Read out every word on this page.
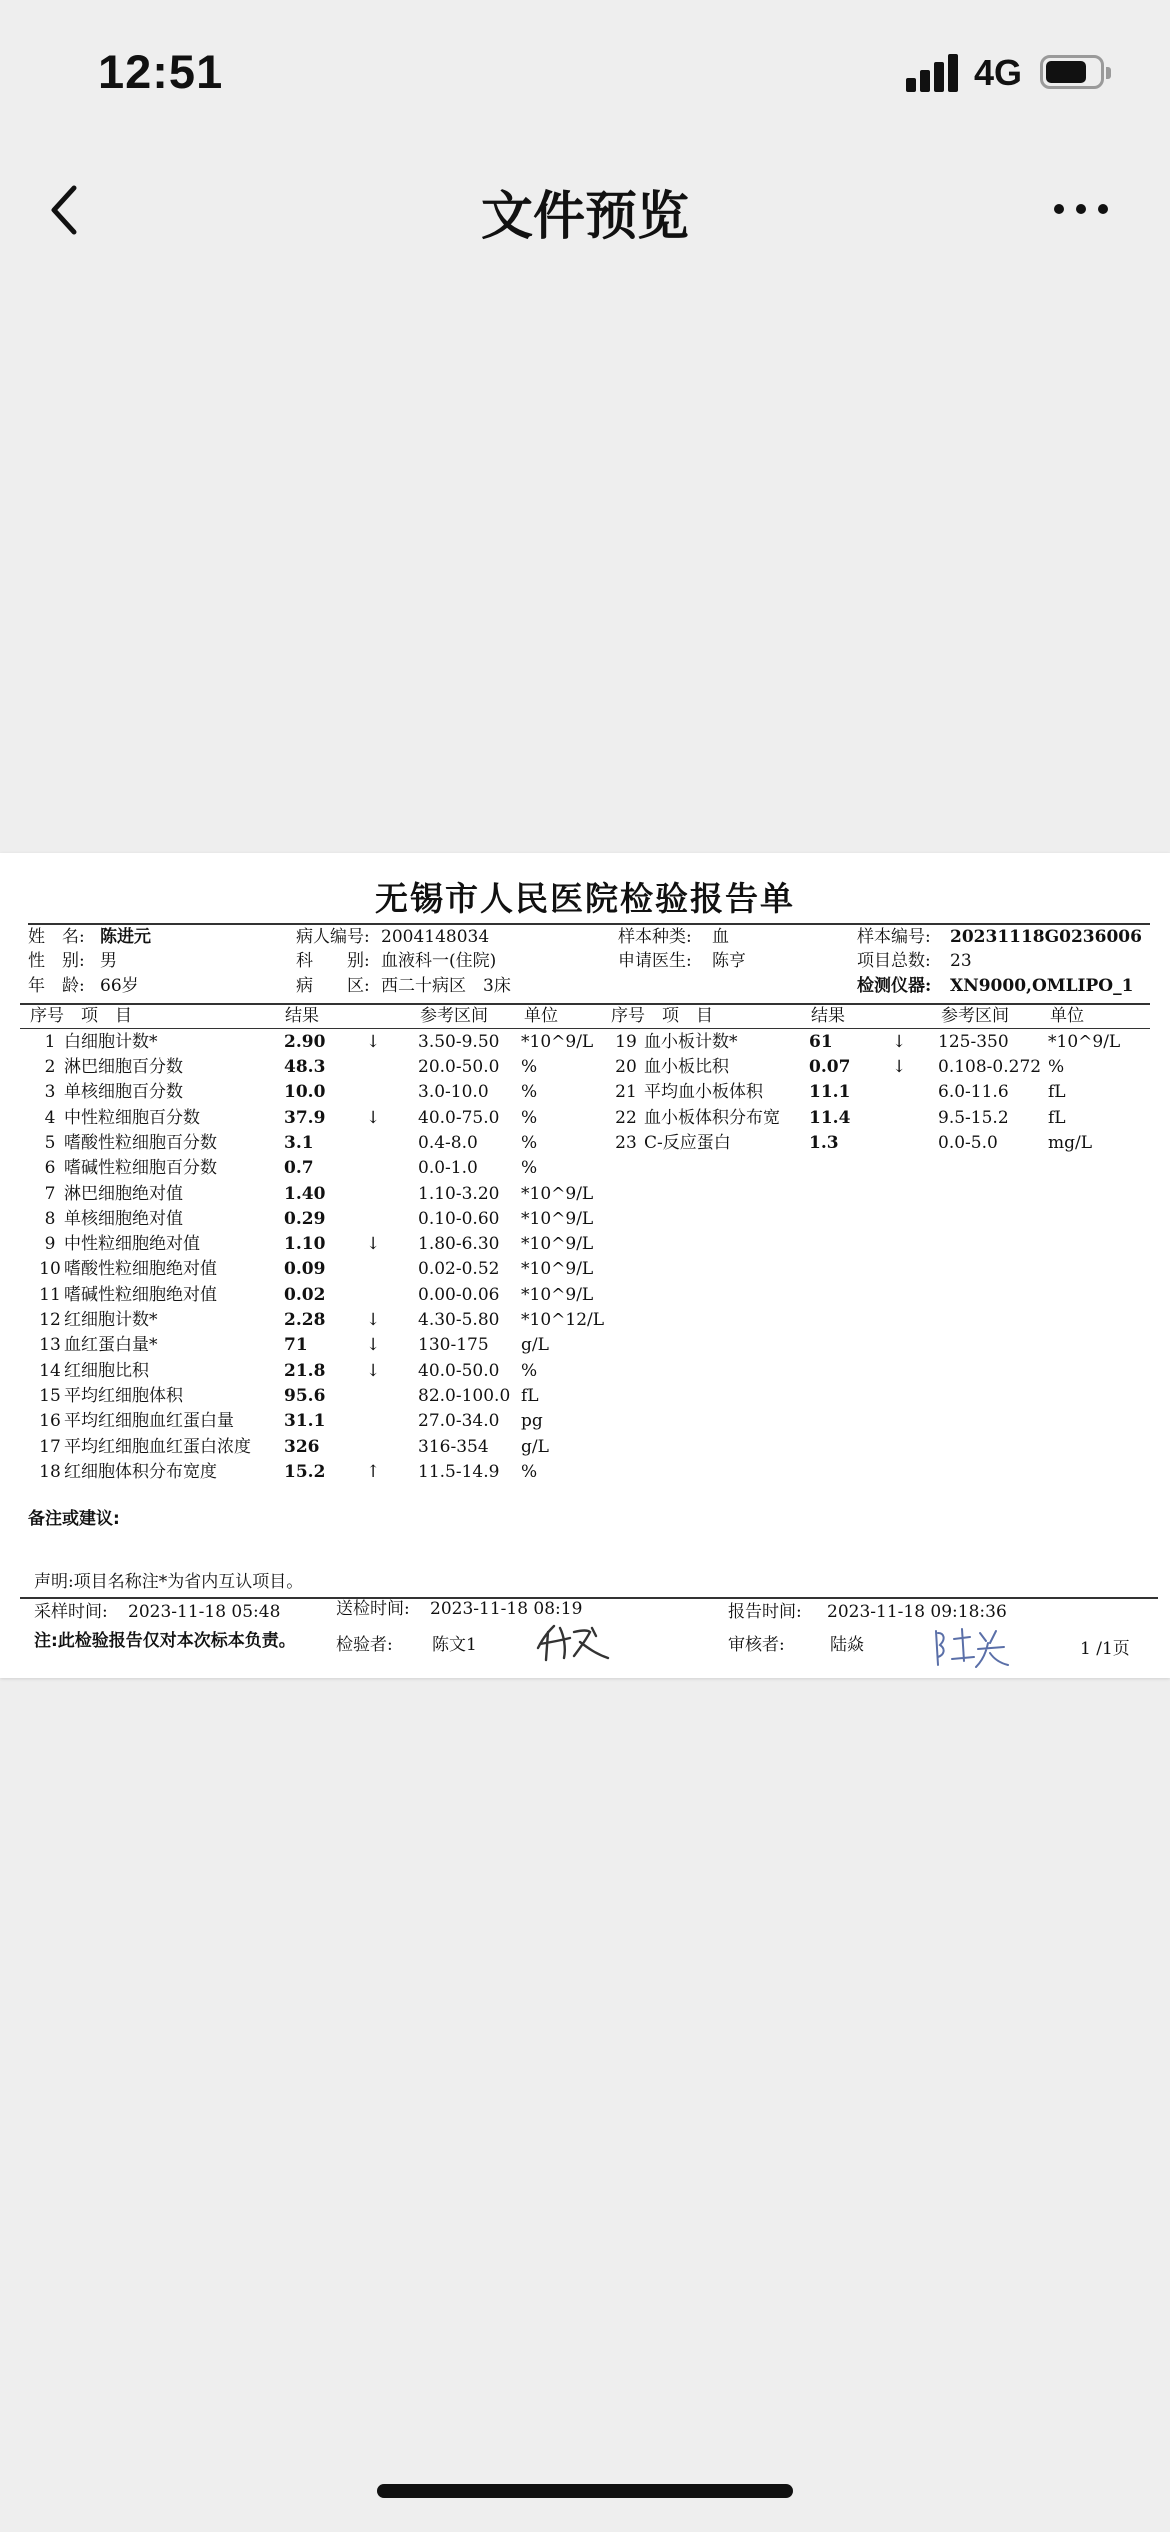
12:51	4G
文件预览
无锡市人民医院检验报告单
姓　名: 陈进元
性　别: 男
年　龄: 66岁
病人编号: 2004148034
科　　别: 血液科一(住院)
病　　区: 西二十病区　3床
样本种类: 血
申请医生: 陈亨
样本编号: 20231118G0236006
项目总数: 23
检测仪器: XN9000,OMLIPO_1
序号　项　目	结果	参考区间 单位	序号　项　目	结果	参考区间 单位
1 白细胞计数*	2.90 ↓ 3.50-9.50 *10^9/L
2 淋巴细胞百分数	48.3	20.0-50.0 %
3 单核细胞百分数	10.0	3.0-10.0 %
4 中性粒细胞百分数	37.9 ↓ 40.0-75.0 %
5 嗜酸性粒细胞百分数	3.1	0.4-8.0	%
6 嗜碱性粒细胞百分数	0.7	0.0-1.0	%
7 淋巴细胞绝对值	1.40	1.10-3.20 *10^9/L
8 单核细胞绝对值	0.29	0.10-0.60 *10^9/L
9 中性粒细胞绝对值	1.10 ↓ 1.80-6.30 *10^9/L
10 嗜酸性粒细胞绝对值	0.09	0.02-0.52 *10^9/L
11 嗜碱性粒细胞绝对值	0.02	0.00-0.06 *10^9/L
12 红细胞计数*	2.28 ↓ 4.30-5.80 *10^12/L
13 血红蛋白量*	71	↓ 130-175 g/L
14 红细胞比积	21.8 ↓ 40.0-50.0 %
15 平均红细胞体积	95.6	82.0-100.0 fL
16 平均红细胞血红蛋白量	31.1	27.0-34.0 pg
17 平均红细胞血红蛋白浓度 326	316-354 g/L
18 红细胞体积分布宽度	15.2 ↑ 11.5-14.9 %
19 血小板计数*	61	↓ 125-350 *10^9/L
20 血小板比积	0.07 ↓ 0.108-0.272 %
21 平均血小板体积	11.1	6.0-11.6 fL
22 血小板体积分布宽 11.4	9.5-15.2 fL
23 C-反应蛋白	1.3	0.0-5.0	mg/L
备注或建议:
声明:项目名称注*为省内互认项目。
采样时间: 2023-11-18 05:48	送检时间: 2023-11-18 08:19	报告时间: 2023-11-18 09:18:36
注:此检验报告仅对本次标本负责。 检验者: 陈文1	审核者:	陆焱	1 /1页
